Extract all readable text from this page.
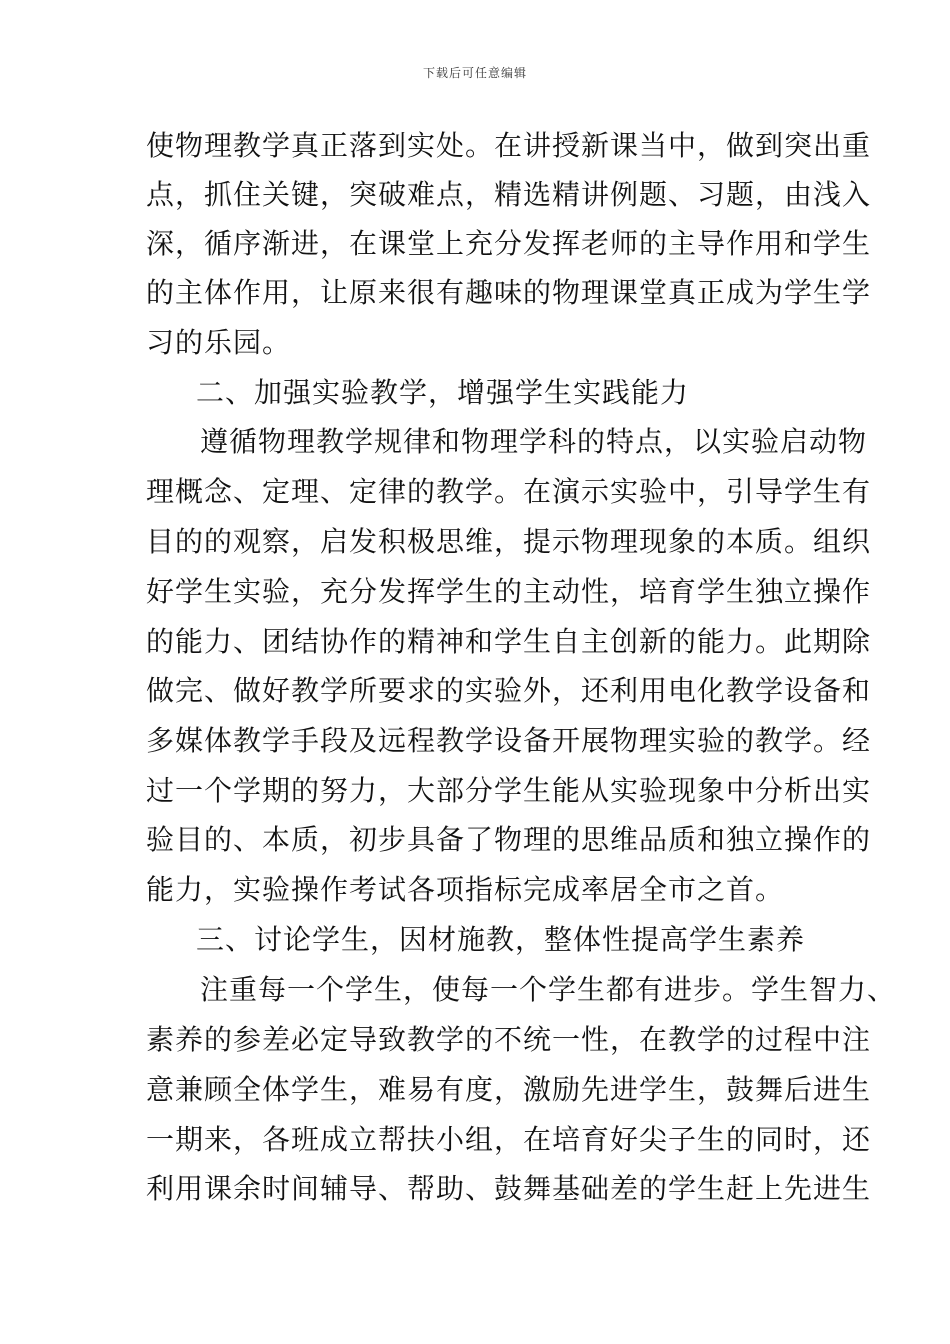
下载后可任意编辑
使物理教学真正落到实处。在讲授新课当中，做到突出重
点，抓住关键，突破难点，精选精讲例题、习题，由浅入
深，循序渐进，在课堂上充分发挥老师的主导作用和学生
的主体作用，让原来很有趣味的物理课堂真正成为学生学
习的乐园。
二、加强实验教学，增强学生实践能力
遵循物理教学规律和物理学科的特点，以实验启动物
理概念、定理、定律的教学。在演示实验中，引导学生有
目的的观察，启发积极思维，提示物理现象的本质。组织
好学生实验，充分发挥学生的主动性，培育学生独立操作
的能力、团结协作的精神和学生自主创新的能力。此期除
做完、做好教学所要求的实验外，还利用电化教学设备和
多媒体教学手段及远程教学设备开展物理实验的教学。经
过一个学期的努力，大部分学生能从实验现象中分析出实
验目的、本质，初步具备了物理的思维品质和独立操作的
能力，实验操作考试各项指标完成率居全市之首。
三、讨论学生，因材施教，整体性提高学生素养
注重每一个学生，使每一个学生都有进步。学生智力、
素养的参差必定导致教学的不统一性，在教学的过程中注
意兼顾全体学生，难易有度，激励先进学生，鼓舞后进生
一期来，各班成立帮扶小组，在培育好尖子生的同时，还
利用课余时间辅导、帮助、鼓舞基础差的学生赶上先进生
